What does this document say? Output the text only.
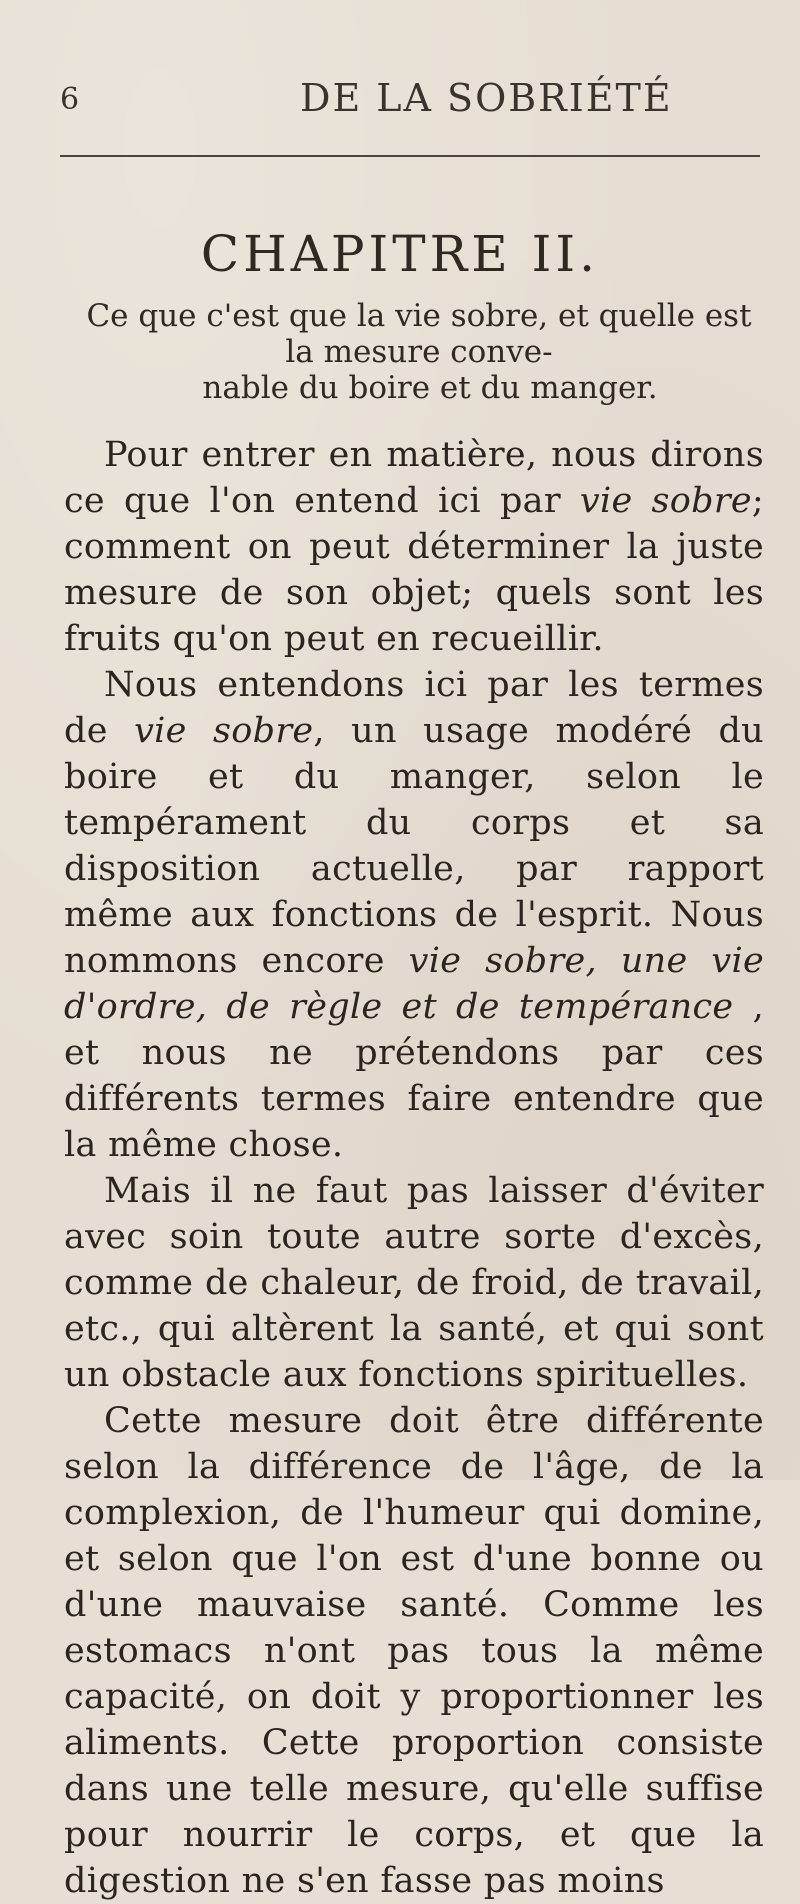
6	DE LA SOBRIÉTÉ
CHAPITRE II.
Ce que c'est que la vie sobre, et quelle est la mesure conve-
nable du boire et du manger.

Pour entrer en matière, nous dirons ce que l'on entend ici par vie sobre; comment on peut déterminer la juste mesure de son objet; quels sont les fruits qu'on peut en recueillir.

Nous entendons ici par les termes de vie sobre, un usage modéré du boire et du manger, selon le tempérament du corps et sa disposition actuelle, par rapport même aux fonctions de l'esprit. Nous nommons encore vie sobre, une vie d'ordre, de règle et de tempérance , et nous ne prétendons par ces différents termes faire entendre que la même chose.

Mais il ne faut pas laisser d'éviter avec soin toute autre sorte d'excès, comme de chaleur, de froid, de travail, etc., qui altèrent la santé, et qui sont un obstacle aux fonctions spirituelles.

Cette mesure doit être différente selon la différence de l'âge, de la complexion, de l'humeur qui domine, et selon que l'on est d'une bonne ou d'une mauvaise santé. Comme les estomacs n'ont pas tous la même capacité, on doit y proportionner les aliments. Cette proportion consiste dans une telle mesure, qu'elle suffise pour nourrir le corps, et que la digestion ne s'en fasse pas moins
